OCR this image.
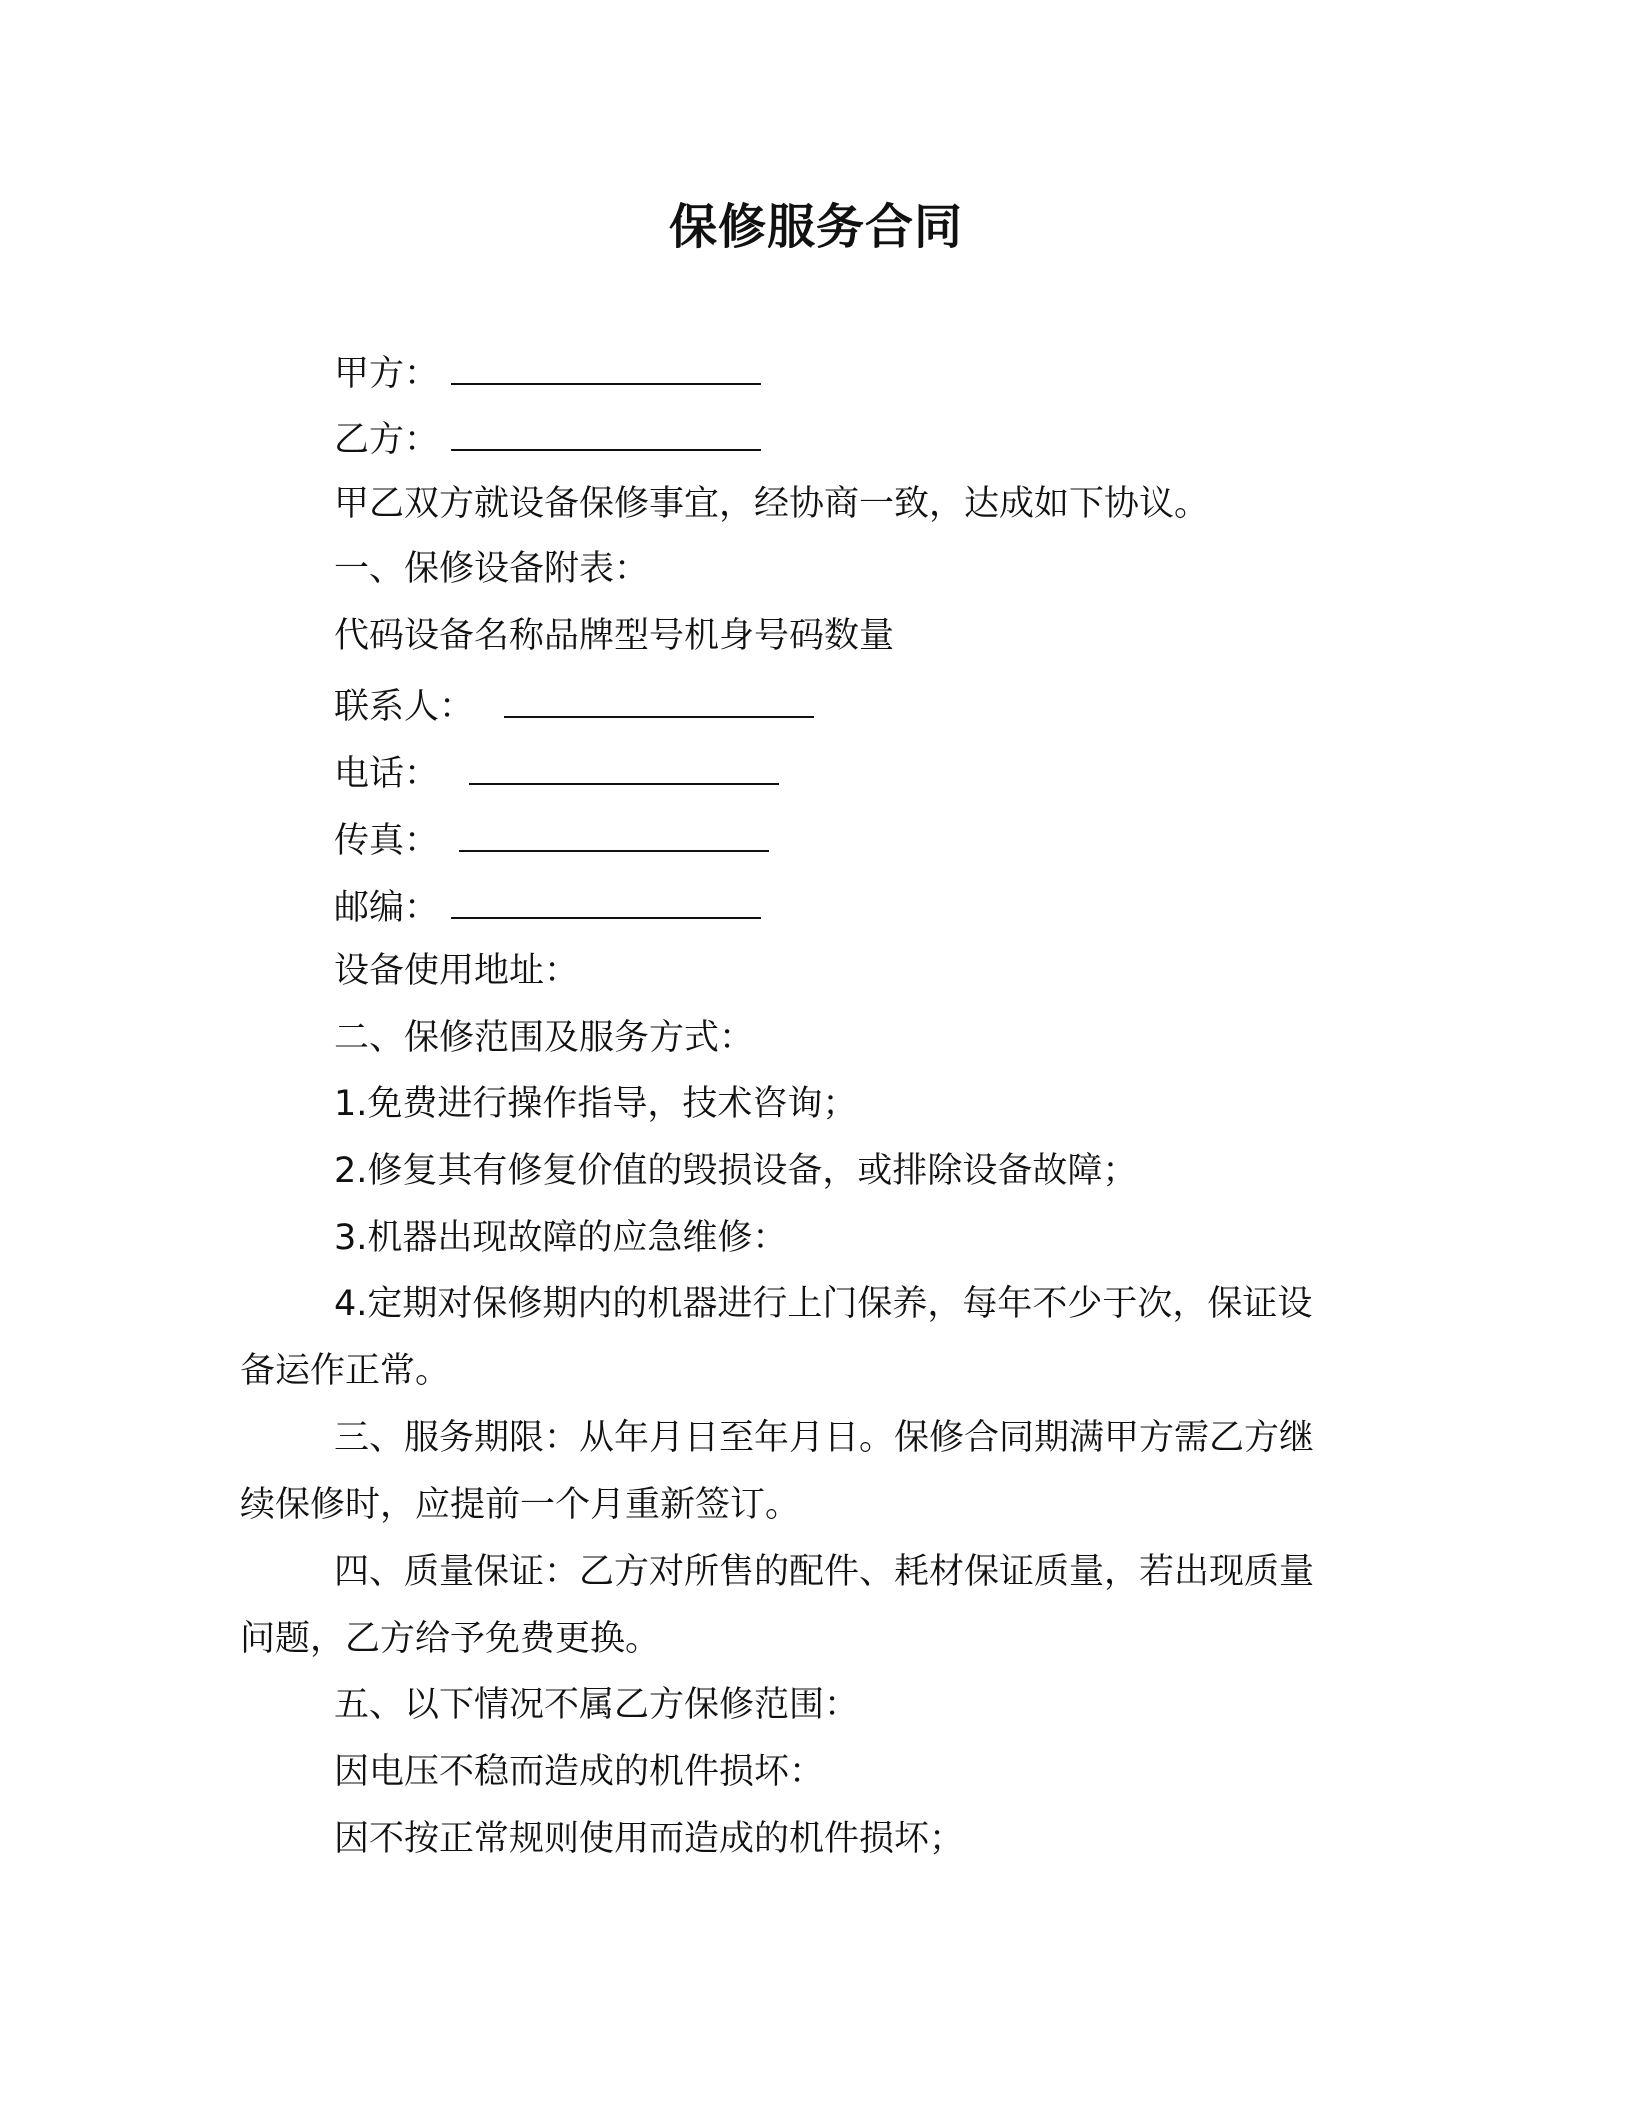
保修服务合同
甲方：
乙方：
甲乙双方就设备保修事宜，经协商一致，达成如下协议。
一、保修设备附表：
代码设备名称品牌型号机身号码数量
联系人：
电话：
传真：
邮编：
设备使用地址：
二、保修范围及服务方式：
1.免费进行操作指导，技术咨询；
2.修复其有修复价值的毁损设备，或排除设备故障；
3.机器出现故障的应急维修：
4.定期对保修期内的机器进行上门保养，每年不少于次，保证设
备运作正常。
三、服务期限：从年月日至年月日。保修合同期满甲方需乙方继
续保修时，应提前一个月重新签订。
四、质量保证：乙方对所售的配件、耗材保证质量，若出现质量
问题，乙方给予免费更换。
五、以下情况不属乙方保修范围：
因电压不稳而造成的机件损坏：
因不按正常规则使用而造成的机件损坏；
